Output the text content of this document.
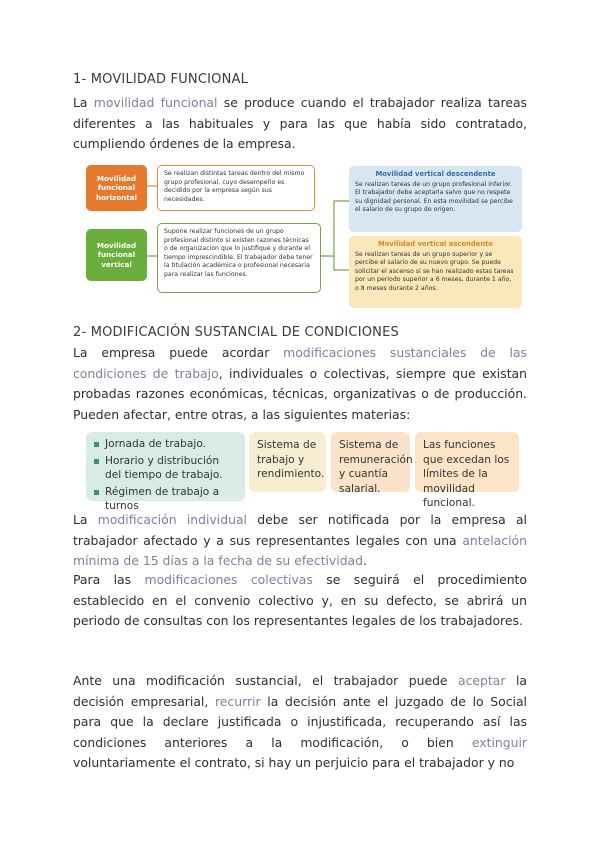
1- MOVILIDAD FUNCIONAL
La movilidad funcional se produce cuando el trabajador realiza tareas diferentes a las habituales y para las que había sido contratado, cumpliendo órdenes de la empresa.
Movilidad funcional horizontal
Se realizan distintas tareas dentro del mismo grupo profesional, cuyo desempeño es decidido por la empresa según sus necesidades.
Movilidad funcional vertical
Supone realizar funciones de un grupo profesional distinto si existen razones técnicas o de organización que lo justifique y durante el tiempo imprescindible. El trabajador debe tener la titulación académica o profesional necesaria para realizar las funciones.
Movilidad vertical descendente
Se realizan tareas de un grupo profesional inferior. El trabajador debe aceptarla salvo que no respete su dignidad personal. En esta movilidad se percibe el salario de su grupo de origen.
Movilidad vertical ascendente
Se realizan tareas de un grupo superior y se percibe el salario de su nuevo grupo. Se puede solicitar el ascenso si se han realizado estas tareas por un periodo superior a 6 meses, durante 1 año, o 8 meses durante 2 años.
2- MODIFICACIÓN SUSTANCIAL DE CONDICIONES
La empresa puede acordar modificaciones sustanciales de las condiciones de trabajo, individuales o colectivas, siempre que existan probadas razones económicas, técnicas, organizativas o de producción. Pueden afectar, entre otras, a las siguientes materias:
Jornada de trabajo.
Horario y distribución del tiempo de trabajo.
Régimen de trabajo a turnos
Sistema de trabajo y rendimiento.
Sistema de remuneración y cuantía salarial.
Las funciones que excedan los límites de la movilidad funcional.
La modificación individual debe ser notificada por la empresa al trabajador afectado y a sus representantes legales con una antelación mínima de 15 días a la fecha de su efectividad.
Para las modificaciones colectivas se seguirá el procedimiento establecido en el convenio colectivo y, en su defecto, se abrirá un periodo de consultas con los representantes legales de los trabajadores.
Ante una modificación sustancial, el trabajador puede aceptar la decisión empresarial, recurrir la decisión ante el juzgado de lo Social para que la declare justificada o injustificada, recuperando así las condiciones anteriores a la modificación, o bien extinguir voluntariamente el contrato, si hay un perjuicio para el trabajador y no
